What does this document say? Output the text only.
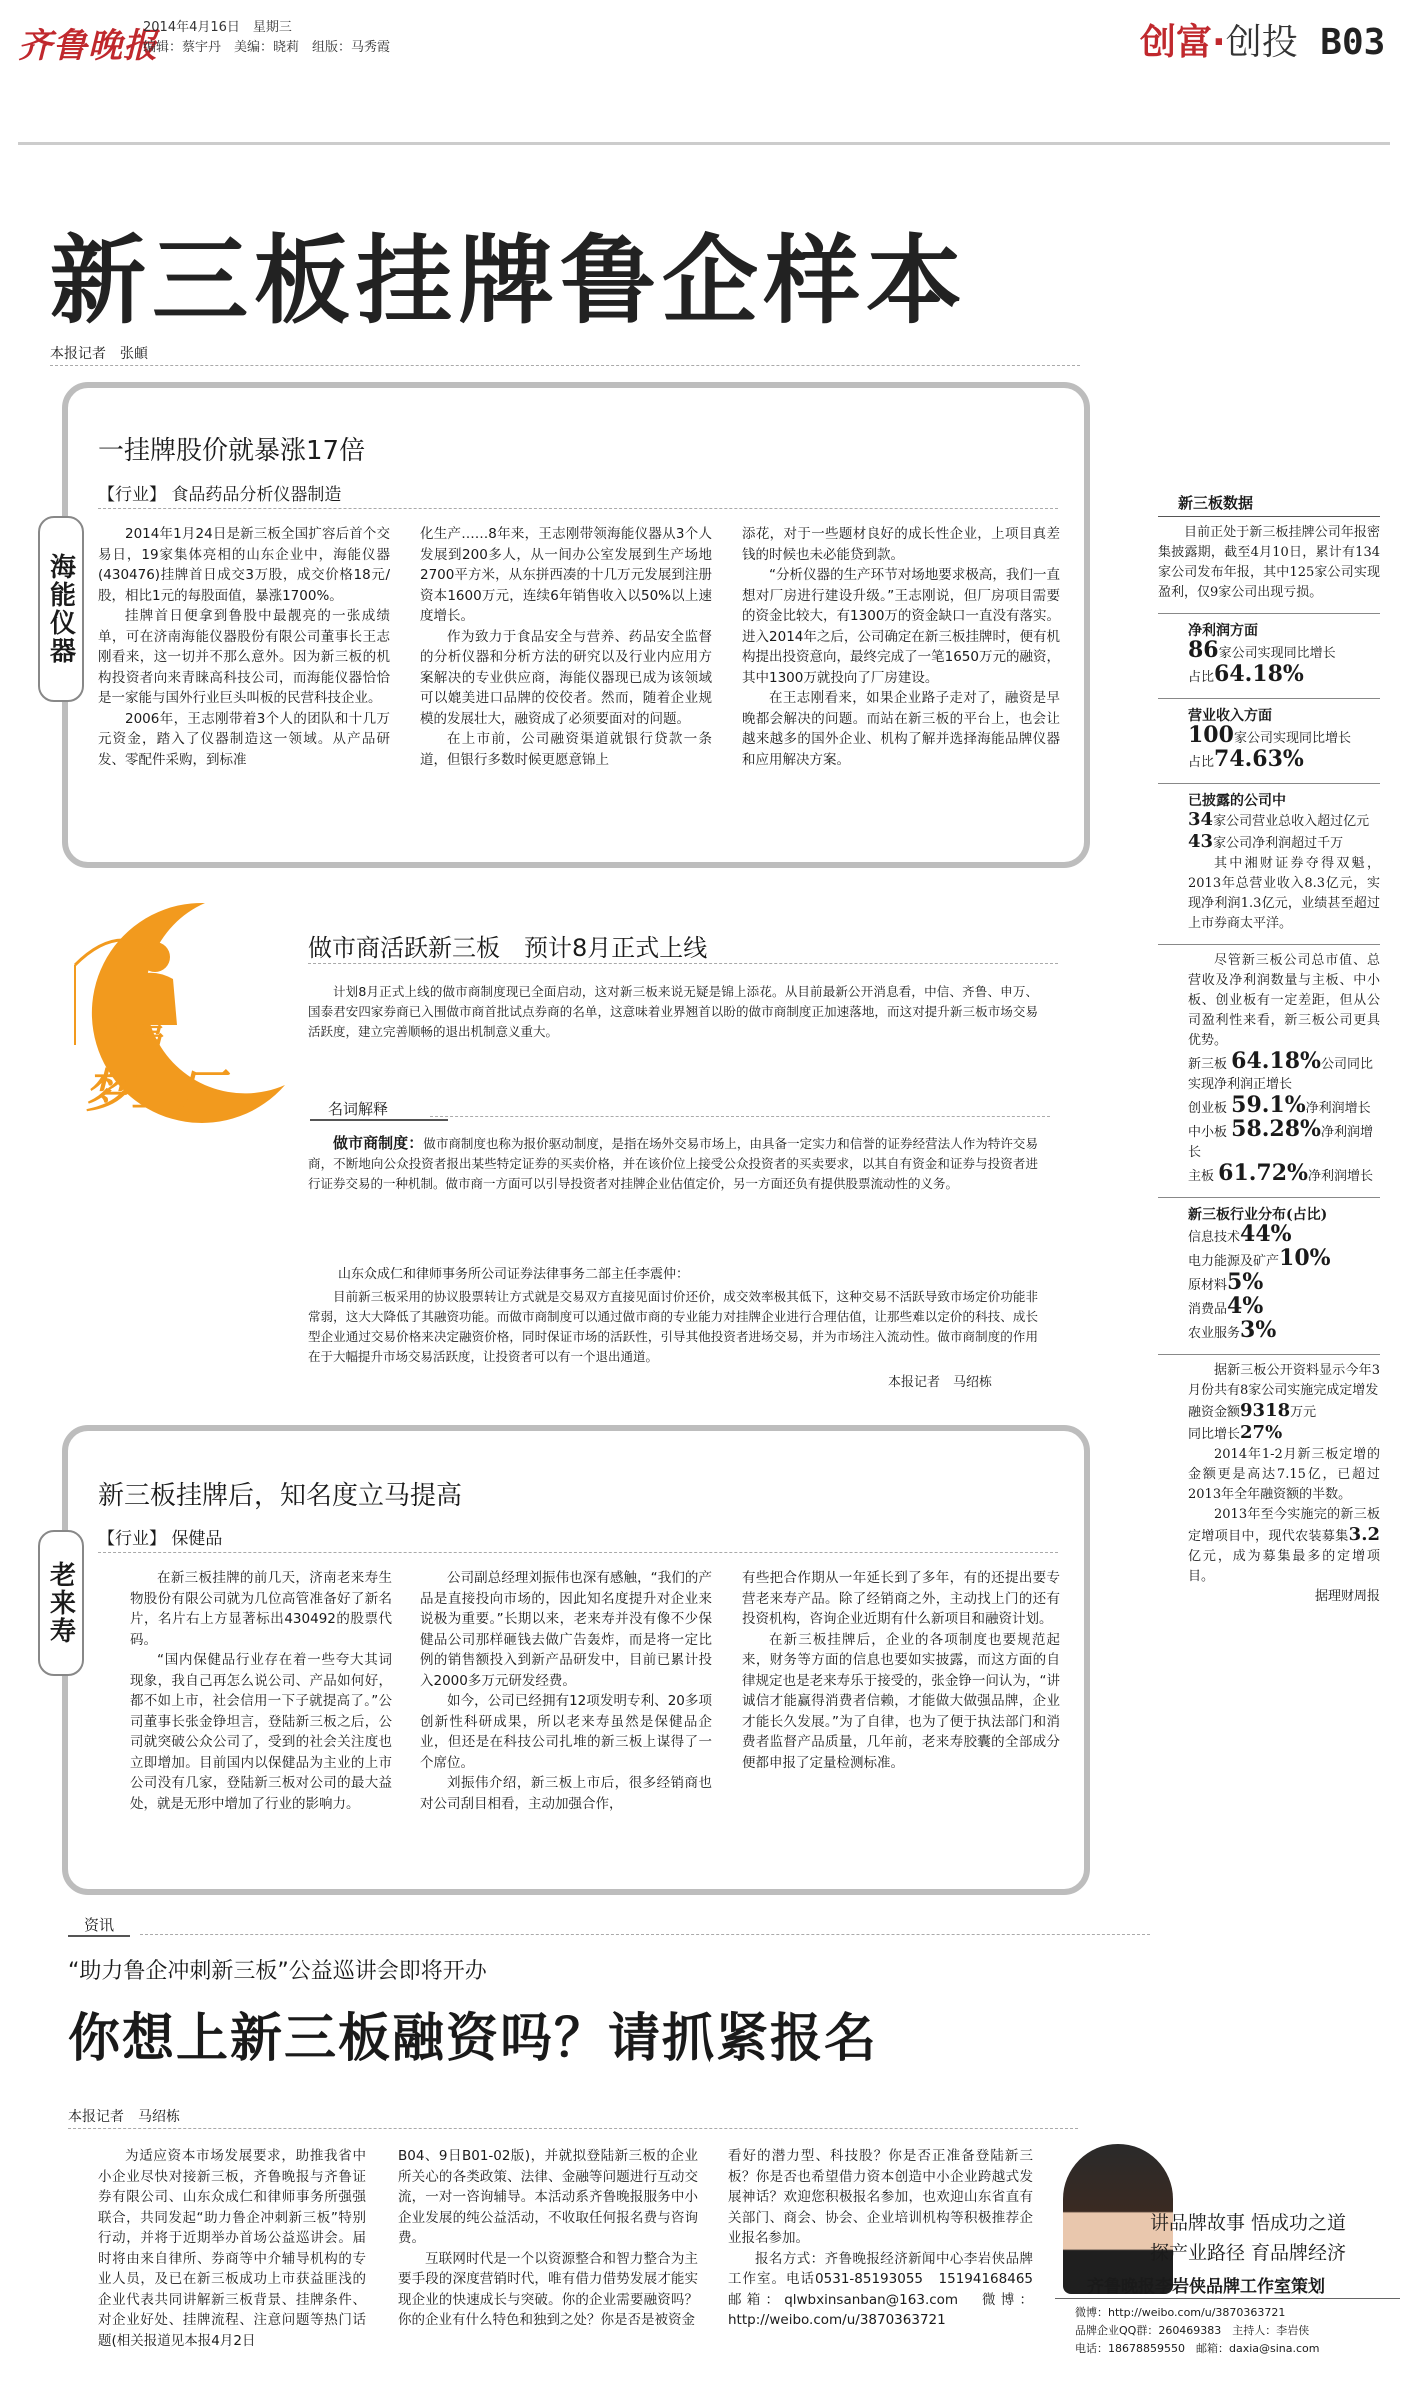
齐鲁晚报
2014年4月16日　星期三
编辑：蔡宇丹　美编：晓莉　组版：马秀霞	创富·创投 B03
新三板挂牌鲁企样本
本报记者　张頔
海能仪器
一挂牌股价就暴涨17倍
【行业】 食品药品分析仪器制造

2014年1月24日是新三板全国扩容后首个交易日，19家集体亮相的山东企业中，海能仪器(430476)挂牌首日成交3万股，成交价格18元/股，相比1元的每股面值，暴涨1700%。

挂牌首日便拿到鲁股中最靓亮的一张成绩单，可在济南海能仪器股份有限公司董事长王志刚看来，这一切并不那么意外。因为新三板的机构投资者向来青睐高科技公司，而海能仪器恰恰是一家能与国外行业巨头叫板的民营科技企业。

2006年，王志刚带着3个人的团队和十几万元资金，踏入了仪器制造这一领域。从产品研发、零配件采购，到标准

化生产……8年来，王志刚带领海能仪器从3个人发展到200多人，从一间办公室发展到生产场地2700平方米，从东拼西凑的十几万元发展到注册资本1600万元，连续6年销售收入以50%以上速度增长。

作为致力于食品安全与营养、药品安全监督的分析仪器和分析方法的研究以及行业内应用方案解决的专业供应商，海能仪器现已成为该领域可以媲美进口品牌的佼佼者。然而，随着企业规模的发展壮大，融资成了必须要面对的问题。

在上市前，公司融资渠道就银行贷款一条道，但银行多数时候更愿意锦上

添花，对于一些题材良好的成长性企业，上项目真差钱的时候也未必能贷到款。

“分析仪器的生产环节对场地要求极高，我们一直想对厂房进行建设升级。”王志刚说，但厂房项目需要的资金比较大，有1300万的资金缺口一直没有落实。进入2014年之后，公司确定在新三板挂牌时，便有机构提出投资意向，最终完成了一笔1650万元的融资，其中1300万就投向了厂房建设。

在王志刚看来，如果企业路子走对了，融资是早晚都会解决的问题。而站在新三板的平台上，也会让越来越多的国外企业、机构了解并选择海能品牌仪器和应用解决方案。

创富
梦工厂
做市商活跃新三板　预计8月正式上线

计划8月正式上线的做市商制度现已全面启动，这对新三板来说无疑是锦上添花。从目前最新公开消息看，中信、齐鲁、申万、国泰君安四家券商已入围做市商首批试点券商的名单，这意味着业界翘首以盼的做市商制度正加速落地，而这对提升新三板市场交易活跃度，建立完善顺畅的退出机制意义重大。

名词解释

做市商制度：做市商制度也称为报价驱动制度，是指在场外交易市场上，由具备一定实力和信誉的证券经营法人作为特许交易商，不断地向公众投资者报出某些特定证券的买卖价格，并在该价位上接受公众投资者的买卖要求，以其自有资金和证券与投资者进行证券交易的一种机制。做市商一方面可以引导投资者对挂牌企业估值定价，另一方面还负有提供股票流动性的义务。

山东众成仁和律师事务所公司证券法律事务二部主任李震仲：

目前新三板采用的协议股票转让方式就是交易双方直接见面讨价还价，成交效率极其低下，这种交易不活跃导致市场定价功能非常弱，这大大降低了其融资功能。而做市商制度可以通过做市商的专业能力对挂牌企业进行合理估值，让那些难以定价的科技、成长型企业通过交易价格来决定融资价格，同时保证市场的活跃性，引导其他投资者进场交易，并为市场注入流动性。做市商制度的作用在于大幅提升市场交易活跃度，让投资者可以有一个退出通道。

本报记者　马绍栋
老来寿
新三板挂牌后，知名度立马提高
【行业】 保健品

在新三板挂牌的前几天，济南老来寿生物股份有限公司就为几位高管准备好了新名片，名片右上方显著标出430492的股票代码。

“国内保健品行业存在着一些夸大其词现象，我自己再怎么说公司、产品如何好，都不如上市，社会信用一下子就提高了。”公司董事长张金铮坦言，登陆新三板之后，公司就突破公众公司了，受到的社会关注度也立即增加。目前国内以保健品为主业的上市公司没有几家，登陆新三板对公司的最大益处，就是无形中增加了行业的影响力。

公司副总经理刘振伟也深有感触，“我们的产品是直接投向市场的，因此知名度提升对企业来说极为重要。”长期以来，老来寿并没有像不少保健品公司那样砸钱去做广告轰炸，而是将一定比例的销售额投入到新产品研发中，目前已累计投入2000多万元研发经费。

如今，公司已经拥有12项发明专利、20多项创新性科研成果，所以老来寿虽然是保健品企业，但还是在科技公司扎堆的新三板上谋得了一个席位。

刘振伟介绍，新三板上市后，很多经销商也对公司刮目相看，主动加强合作，

有些把合作期从一年延长到了多年，有的还提出要专营老来寿产品。除了经销商之外，主动找上门的还有投资机构，咨询企业近期有什么新项目和融资计划。

在新三板挂牌后，企业的各项制度也要规范起来，财务等方面的信息也要如实披露，而这方面的自律规定也是老来寿乐于接受的，张金铮一问认为，“讲诚信才能赢得消费者信赖，才能做大做强品牌，企业才能长久发展。”为了自律，也为了便于执法部门和消费者监督产品质量，几年前，老来寿胶囊的全部成分便都申报了定量检测标准。

新三板数据
目前正处于新三板挂牌公司年报密集披露期，截至4月10日，累计有134家公司发布年报，其中125家公司实现盈利，仅9家公司出现亏损。
净利润方面
86家公司实现同比增长
占比64.18%
营业收入方面
100家公司实现同比增长
占比74.63%
已披露的公司中
34家公司营业总收入超过亿元
43家公司净利润超过千万
其中湘财证券夺得双魁，2013年总营业收入8.3亿元，实现净利润1.3亿元，业绩甚至超过上市券商太平洋。
尽管新三板公司总市值、总营收及净利润数量与主板、中小板、创业板有一定差距，但从公司盈利性来看，新三板公司更具优势。
新三板 64.18%公司同比实现净利润正增长
创业板 59.1%净利润增长
中小板 58.28%净利润增长
主板 61.72%净利润增长
新三板行业分布(占比)
信息技术44%
电力能源及矿产10%
原材料5%
消费品4%
农业服务3%
据新三板公开资料显示今年3月份共有8家公司实施完成定增发
融资金额9318万元
同比增长27%
2014年1-2月新三板定增的金额更是高达7.15亿，已超过2013年全年融资额的半数。
2013年至今实施完的新三板定增项目中，现代农装募集3.2亿元，成为募集最多的定增项目。
据理财周报
资讯
“助力鲁企冲刺新三板”公益巡讲会即将开办
你想上新三板融资吗？请抓紧报名
本报记者　马绍栋

为适应资本市场发展要求，助推我省中小企业尽快对接新三板，齐鲁晚报与齐鲁证券有限公司、山东众成仁和律师事务所强强联合，共同发起“助力鲁企冲刺新三板”特别行动，并将于近期举办首场公益巡讲会。届时将由来自律所、券商等中介辅导机构的专业人员，及已在新三板成功上市获益匪浅的企业代表共同讲解新三板背景、挂牌条件、对企业好处、挂牌流程、注意问题等热门话题(相关报道见本报4月2日

B04、9日B01-02版)，并就拟登陆新三板的企业所关心的各类政策、法律、金融等问题进行互动交流，一对一咨询辅导。本活动系齐鲁晚报服务中小企业发展的纯公益活动，不收取任何报名费与咨询费。

互联网时代是一个以资源整合和智力整合为主要手段的深度营销时代，唯有借力借势发展才能实现企业的快速成长与突破。你的企业需要融资吗？你的企业有什么特色和独到之处？你是否是被资金

看好的潜力型、科技股？你是否正准备登陆新三板？你是否也希望借力资本创造中小企业跨越式发展神话？欢迎您积极报名参加，也欢迎山东省直有关部门、商会、协会、企业培训机构等积极推荐企业报名参加。

报名方式：齐鲁晚报经济新闻中心李岩侠品牌工作室。电话0531-85193055　15194168465　邮箱：qlwbxinsanban@163.com　微博：http://weibo.com/u/3870363721

讲品牌故事 悟成功之道
探产业路径 育品牌经济
齐鲁晚报李岩侠品牌工作室策划
微博：http://weibo.com/u/3870363721
品牌企业QQ群：260469383　主持人：李岩侠
电话：18678859550　邮箱：daxia@sina.com
